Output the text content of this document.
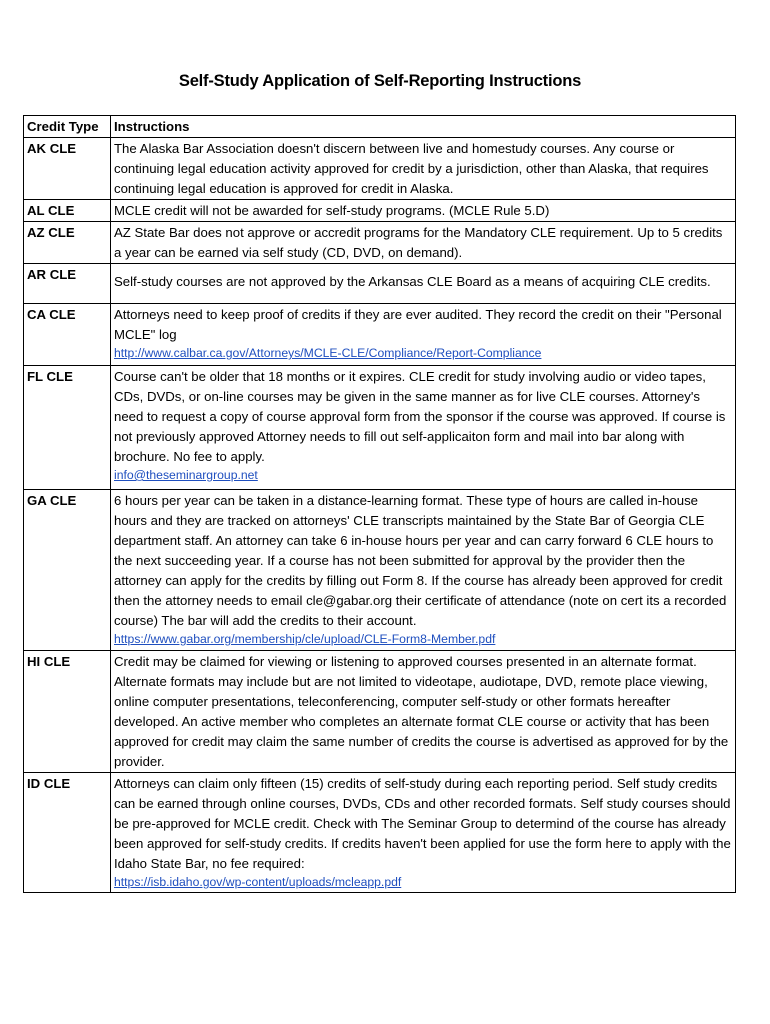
Self-Study Application of Self-Reporting Instructions
Credit Type	Instructions
AK CLE	The Alaska Bar Association doesn't discern between live and homestudy courses. Any course or continuing legal education activity approved for credit by a jurisdiction, other than Alaska, that requires continuing legal education is approved for credit in Alaska.

AL CLE	MCLE credit will not be awarded for self-study programs. (MCLE Rule 5.D)

AZ CLE	AZ State Bar does not approve or accredit programs for the Mandatory CLE requirement. Up to 5 credits a year can be earned via self study (CD, DVD, on demand).

AR CLE	Self-study courses are not approved by the Arkansas CLE Board as a means of acquiring CLE credits.

CA CLE	Attorneys need to keep proof of credits if they are ever audited. They record the credit on their "Personal MCLE" log
http://www.calbar.ca.gov/Attorneys/MCLE-CLE/Compliance/Report-Compliance

FL CLE	Course can't be older that 18 months or it expires. CLE credit for study involving audio or video tapes, CDs, DVDs, or on-line courses may be given in the same manner as for live CLE courses. Attorney's need to request a copy of course approval form from the sponsor if the course was approved. If course is not previously approved Attorney needs to fill out self-applicaiton form and mail into bar along with brochure. No fee to apply.
info@theseminargroup.net

GA CLE	6 hours per year can be taken in a distance-learning format. These type of hours are called in-house hours and they are tracked on attorneys' CLE transcripts maintained by the State Bar of Georgia CLE department staff. An attorney can take 6 in-house hours per year and can carry forward 6 CLE hours to the next succeeding year. If a course has not been submitted for approval by the provider then the attorney can apply for the credits by filling out Form 8. If the course has already been approved for credit then the attorney needs to email cle@gabar.org their certificate of attendance (note on cert its a recorded course) The bar will add the credits to their account.
https://www.gabar.org/membership/cle/upload/CLE-Form8-Member.pdf

HI CLE	Credit may be claimed for viewing or listening to approved courses presented in an alternate format. Alternate formats may include but are not limited to videotape, audiotape, DVD, remote place viewing, online computer presentations, teleconferencing, computer self-study or other formats hereafter developed. An active member who completes an alternate format CLE course or activity that has been approved for credit may claim the same number of credits the course is advertised as approved for by the provider.

ID CLE	Attorneys can claim only fifteen (15) credits of self-study during each reporting period. Self study credits can be earned through online courses, DVDs, CDs and other recorded formats. Self study courses should be pre-approved for MCLE credit. Check with The Seminar Group to determind of the course has already been approved for self-study credits. If credits haven't been applied for use the form here to apply with the Idaho State Bar, no fee required:
https://isb.idaho.gov/wp-content/uploads/mcleapp.pdf
